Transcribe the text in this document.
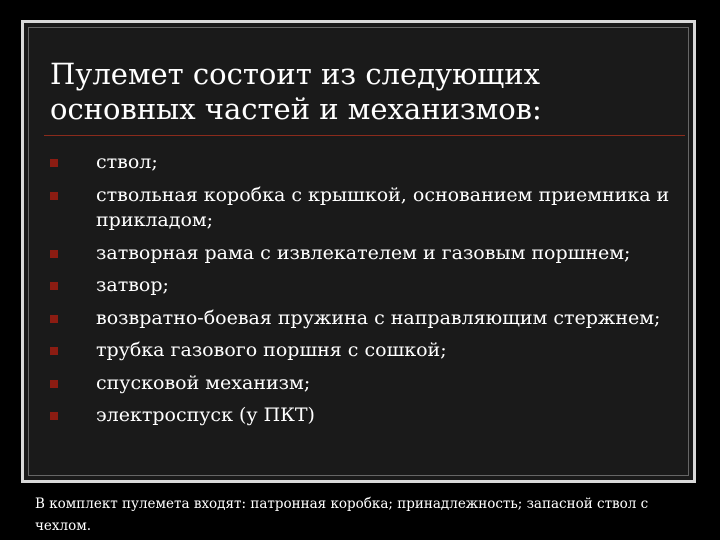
Пулемет состоит из следующих основных частей и механизмов:
ствол;
ствольная коробка с крышкой, основанием приемника и прикладом;
затворная рама с извлекателем и газовым поршнем;
затвор;
возвратно-боевая пружина с направляющим стержнем;
трубка газового поршня с сошкой;
спусковой механизм;
электроспуск (у ПКТ)

В комплект пулемета входят: патронная коробка; принадлежность; запасной ствол с чехлом.
